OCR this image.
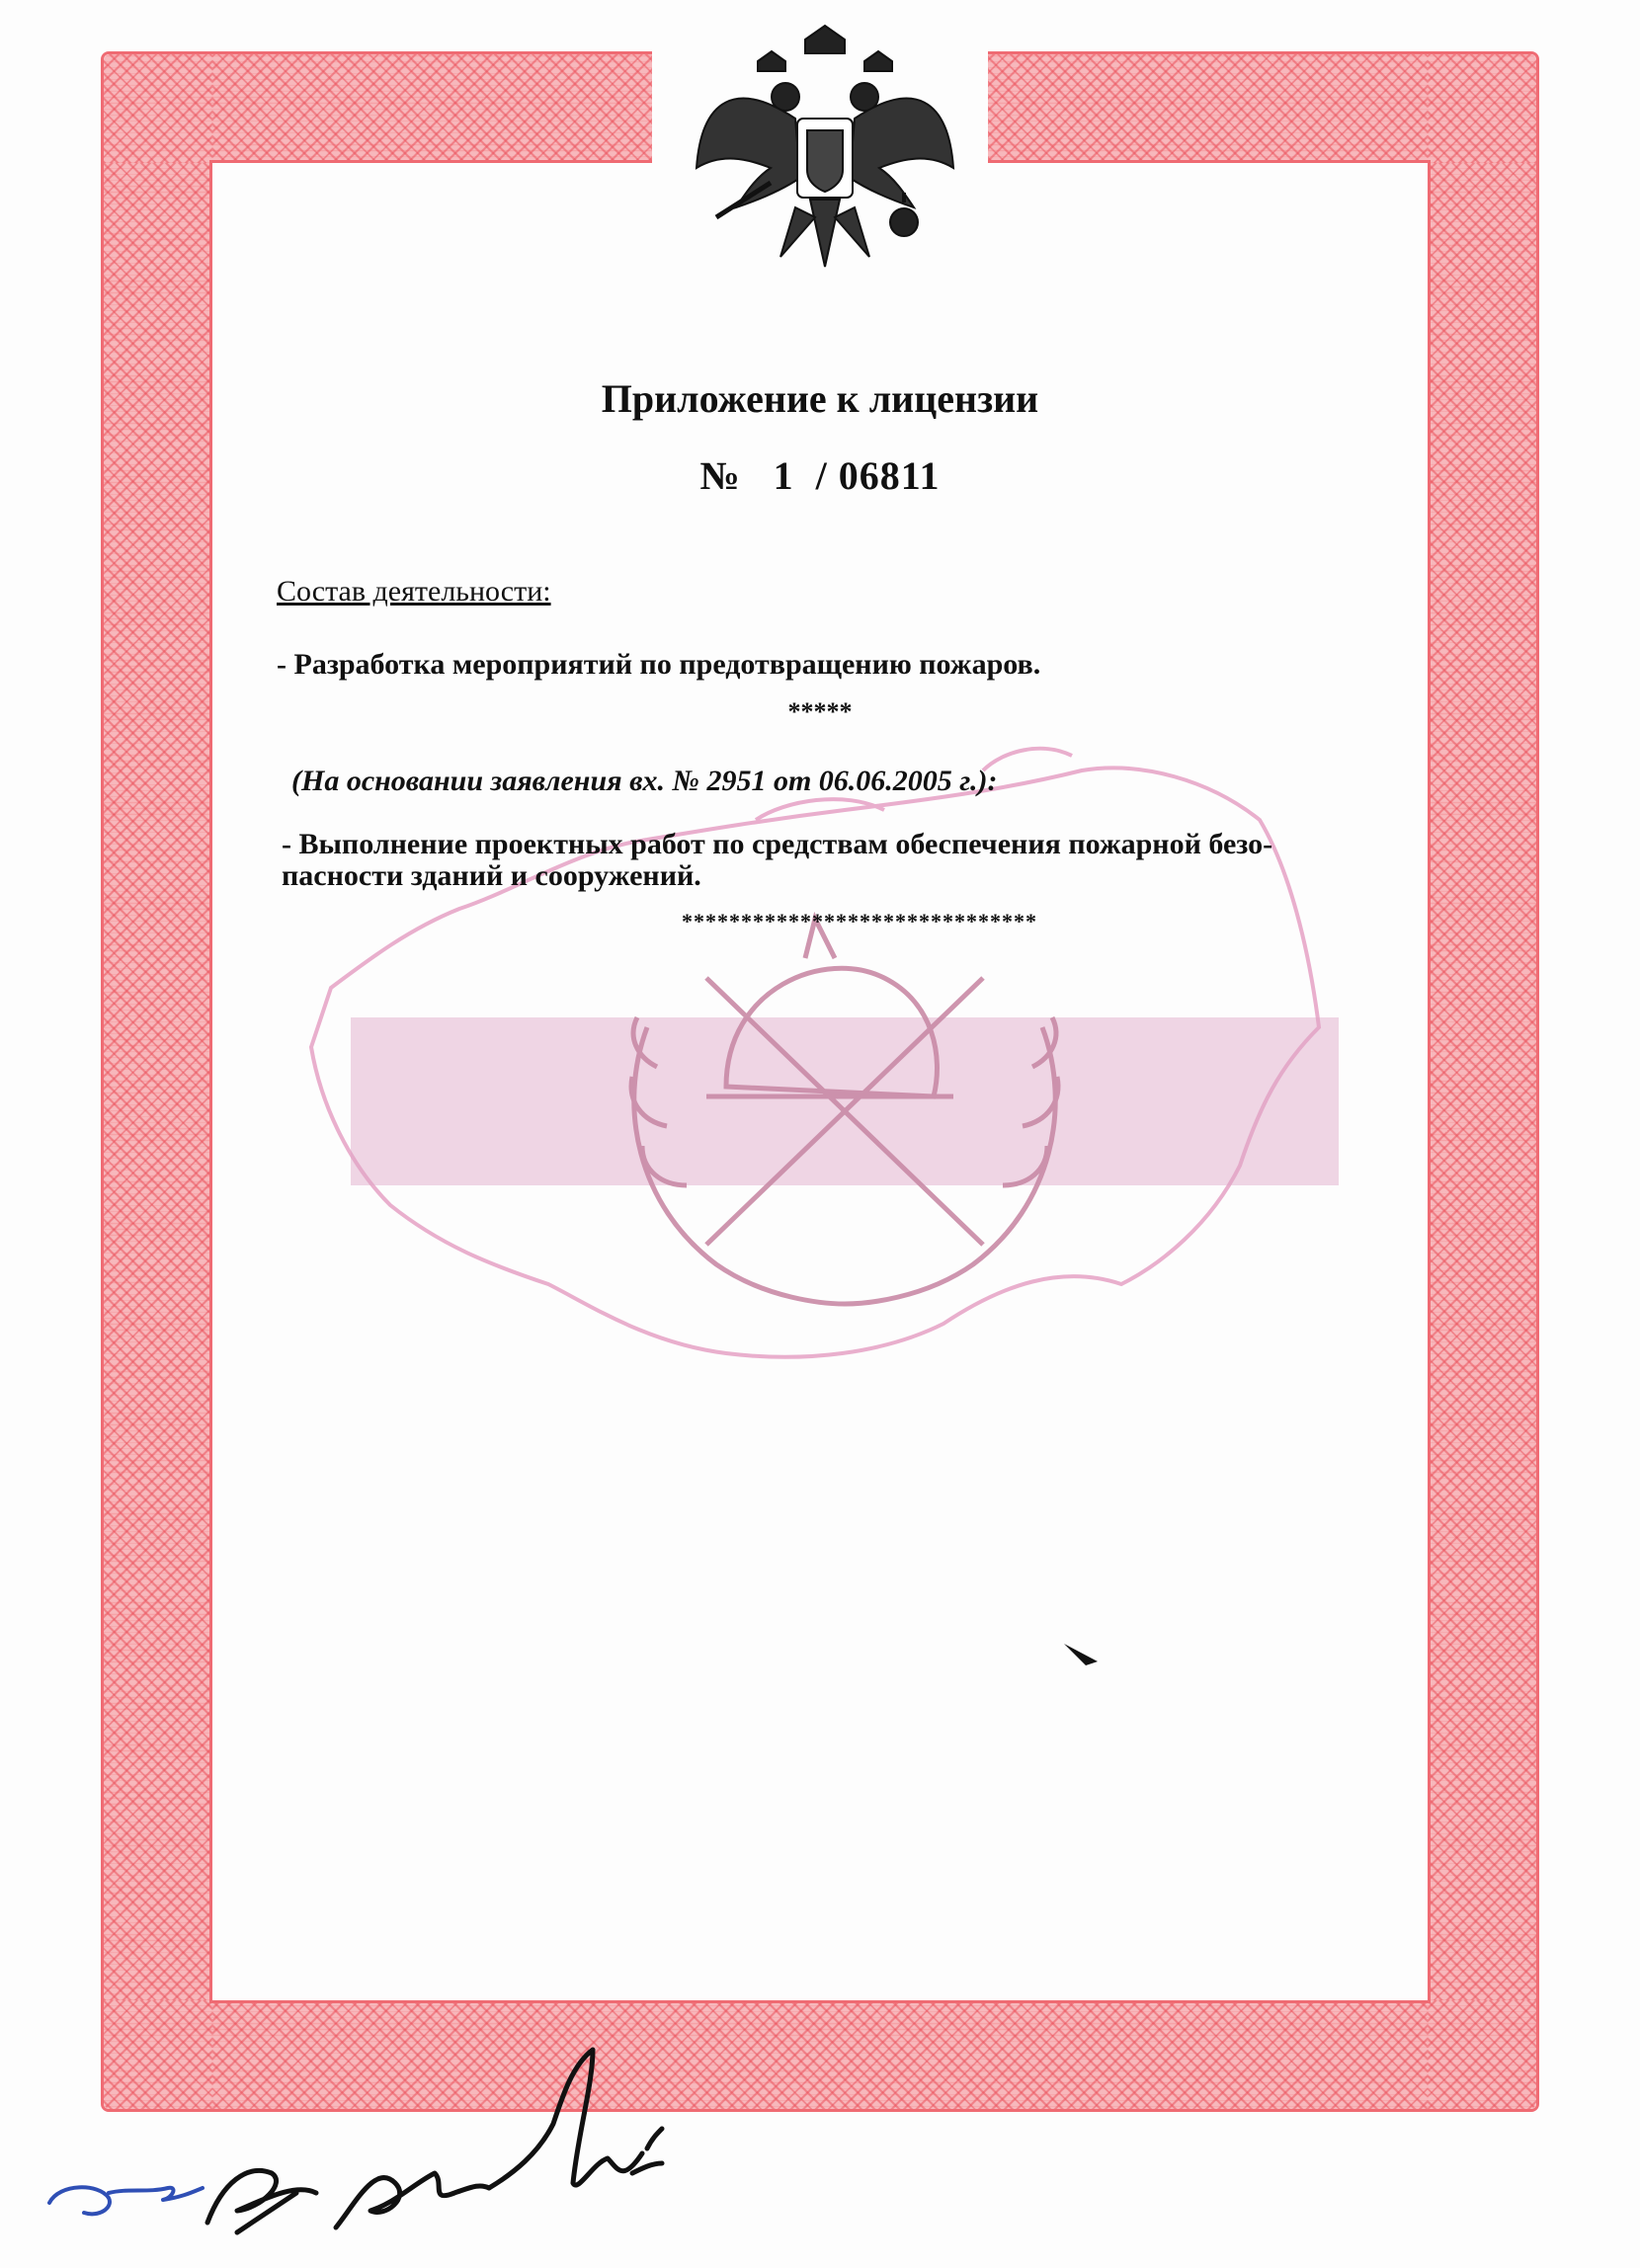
Приложение к лицензии
№   1  / 06811
Состав деятельности:
- Разработка мероприятий по предотвращению пожаров.
*****
(На основании заявления вх. № 2951 от 06.06.2005 г.):
- Выполнение проектных работ по средствам обеспечения пожарной безо-
пасности зданий и сооружений.
******************************
